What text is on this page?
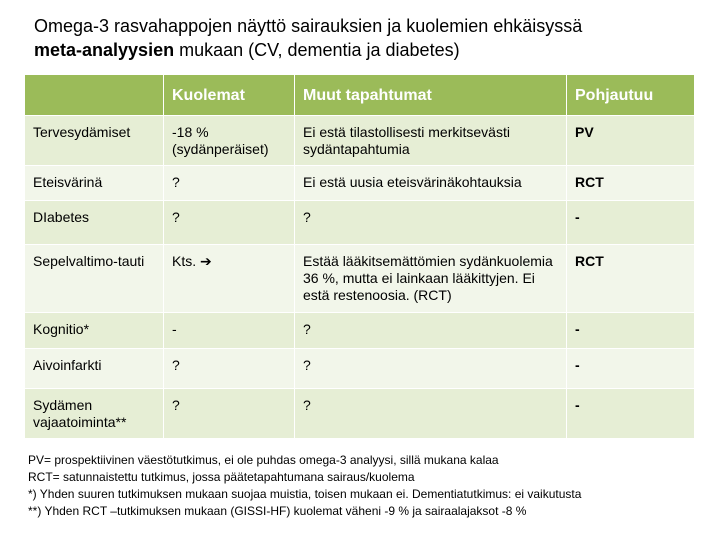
Omega-3 rasvahappojen näyttö sairauksien ja kuolemien ehkäisyssä
meta-analyysien mukaan (CV, dementia ja diabetes)
	Kuolemat	Muut tapahtumat	Pohjautuu
Tervesydämiset	-18 % (sydänperäiset)	Ei estä tilastollisesti merkitsevästi sydäntapahtumia	PV
Eteisvärinä	?	Ei estä uusia eteisvärinäkohtauksia	RCT
DIabetes	?	?	-
Sepelvaltimo-tauti	Kts. ➔	Estää lääkitsemättömien sydänkuolemia 36 %, mutta ei lainkaan lääkittyjen. Ei estä restenoosia. (RCT)	RCT
Kognitio*	-	?	-
Aivoinfarkti	?	?	-
Sydämen vajaatoiminta**	?	?	-
PV= prospektiivinen väestötutkimus, ei ole puhdas omega-3 analyysi, sillä mukana kalaa
RCT= satunnaistettu tutkimus, jossa päätetapahtumana sairaus/kuolema
*) Yhden suuren tutkimuksen mukaan suojaa muistia, toisen mukaan ei. Dementiatutkimus: ei vaikutusta
**) Yhden RCT –tutkimuksen mukaan (GISSI-HF) kuolemat väheni -9 % ja sairaalajaksot -8 %
